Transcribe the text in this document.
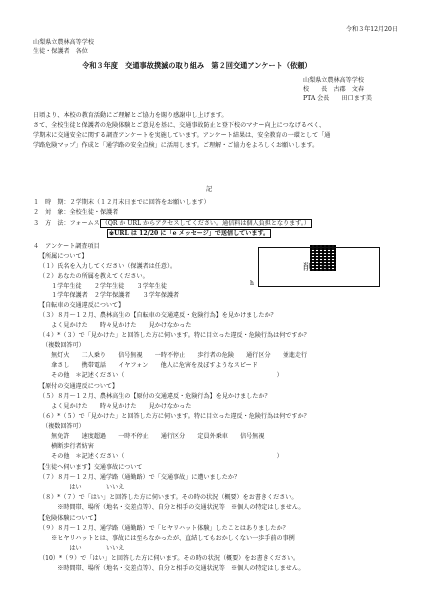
令和３年12月20日
山梨県立農林高等学校
生徒・保護者　各位
令和３年度　交通事故撲滅の取り組み　第２回交通アンケート（依頼）
山梨県立農林高等学校
校　　長　古郡　文春
PTA 会長　　田口ます美
日頃より、本校の教育活動にご理解とご協力を賜り感謝申し上げます。
さて、全校生徒と保護者の危険体験とご意見を基に、交通事故防止と登下校のマナー向上につなげるべく、
学期末に交通安全に関する調査アンケートを実施しています。アンケート結果は、安全教育の一環として「通
学路危険マップ」作成と「通学路の安全点検」に活用します。ご理解・ご協力をよろしくお願いします。
記
１　時　期：２学期末（１２月末日までに回答をお願いします）
２　対　象：全校生徒・保護者
３　方　法：フォームス （QR か URL からアクセスしてください。通信料は個人負担となります。）
※URL は 12/20 に「e メッセージ」で送信しています。
４　アンケート調査項目
削　除
h
【所属について】
（１）氏名を入力してください（保護者は任意）。
（２）あなたの所属を教えてください。
　　１学年生徒　　２学年生徒　　３学年生徒
　　１学年保護者　２学年保護者　　３学年保護者
【自転車の交通違反について】
（３）８月～１２月、農林高生の【自転車の交通違反・危険行為】を見かけましたか？
　　よく見かけた　　時々見かけた　　見かけなかった
（４）*（３）で「見かけた」と回答した方に伺います。特に目立った違反・危険行為は何ですか？
　（複数回答可）
　　無灯火　　二人乗り　　信号無視　　一時不停止　　歩行者の危険　　通行区分　　並進走行
　　傘さし　　携帯電話　　イヤフォン　　他人に危害を及ぼすようなスピード
　　その他　＊記述ください（　　　　　　　　　　　　　　　　　　　　　　　　　）
【原付の交通違反について】
（５）８月～１２月、農林高生の【原付の交通違反・危険行為】を見かけましたか？
　　よく見かけた　　時々見かけた　　見かけなかった
（６）*（５）で「見かけた」と回答した方に伺います。特に目立った違反・危険行為は何ですか？
　（複数回答可）
　　無免許　　速度超過　　一時不停止　　通行区分　　定員外乗車　　信号無視
　　横断歩行者妨害
　　その他　＊記述ください（　　　　　　　　　　　　　　　　　　　　　　　　　）
【生徒へ伺います】交通事故について
（７）８月～１２月、通学路（通勤路）で「交通事故」に遭いましたか？
　　　　　はい　　　　いいえ
（８）*（７）で「はい」と回答した方に伺います。その時の状況（概要）をお書きください。
　　　※時間帯、場所（地名・交差点等）、自分と相手の交通状況等　※個人の特定はしません。
【危険体験について】
（９）８月～１２月、通学路（通勤路）で「ヒヤリハット体験」したことはありましたか？
　　※ヒヤリハットとは、事故には至らなかったが、直結してもおかしくない一歩手前の事例
　　　　　はい　　　　いいえ
（10）*（９）で「はい」と回答した方に伺います。その時の状況（概要）をお書きください。
　　　※時間帯、場所（地名・交差点等）、自分と相手の交通状況等　※個人の特定はしません。
